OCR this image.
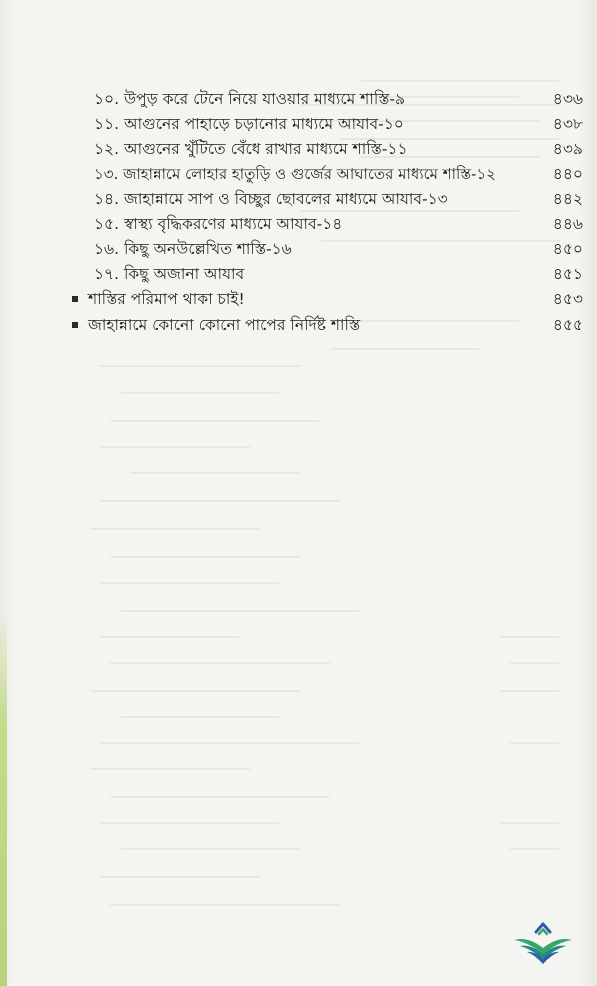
১০. উপুড় করে টেনে নিয়ে যাওয়ার মাধ্যমে শাস্তি-৯	৪৩৬
১১. আগুনের পাহাড়ে চড়ানোর মাধ্যমে আযাব-১০	৪৩৮
১২. আগুনের খুঁটিতে বেঁধে রাখার মাধ্যমে শাস্তি-১১	৪৩৯
১৩. জাহান্নামে লোহার হাতুড়ি ও গুর্জের আঘাতের মাধ্যমে শাস্তি-১২	৪৪০
১৪. জাহান্নামে সাপ ও বিচ্ছুর ছোবলের মাধ্যমে আযাব-১৩	৪৪২
১৫. স্বাস্থ্য বৃদ্ধিকরণের মাধ্যমে আযাব-১৪	৪৪৬
১৬. কিছু অনউল্লেখিত শাস্তি-১৬	৪৫০
১৭. কিছু অজানা আযাব	৪৫১
শাস্তির পরিমাপ থাকা চাই!	৪৫৩
জাহান্নামে কোনো কোনো পাপের নির্দিষ্ট শাস্তি	৪৫৫
